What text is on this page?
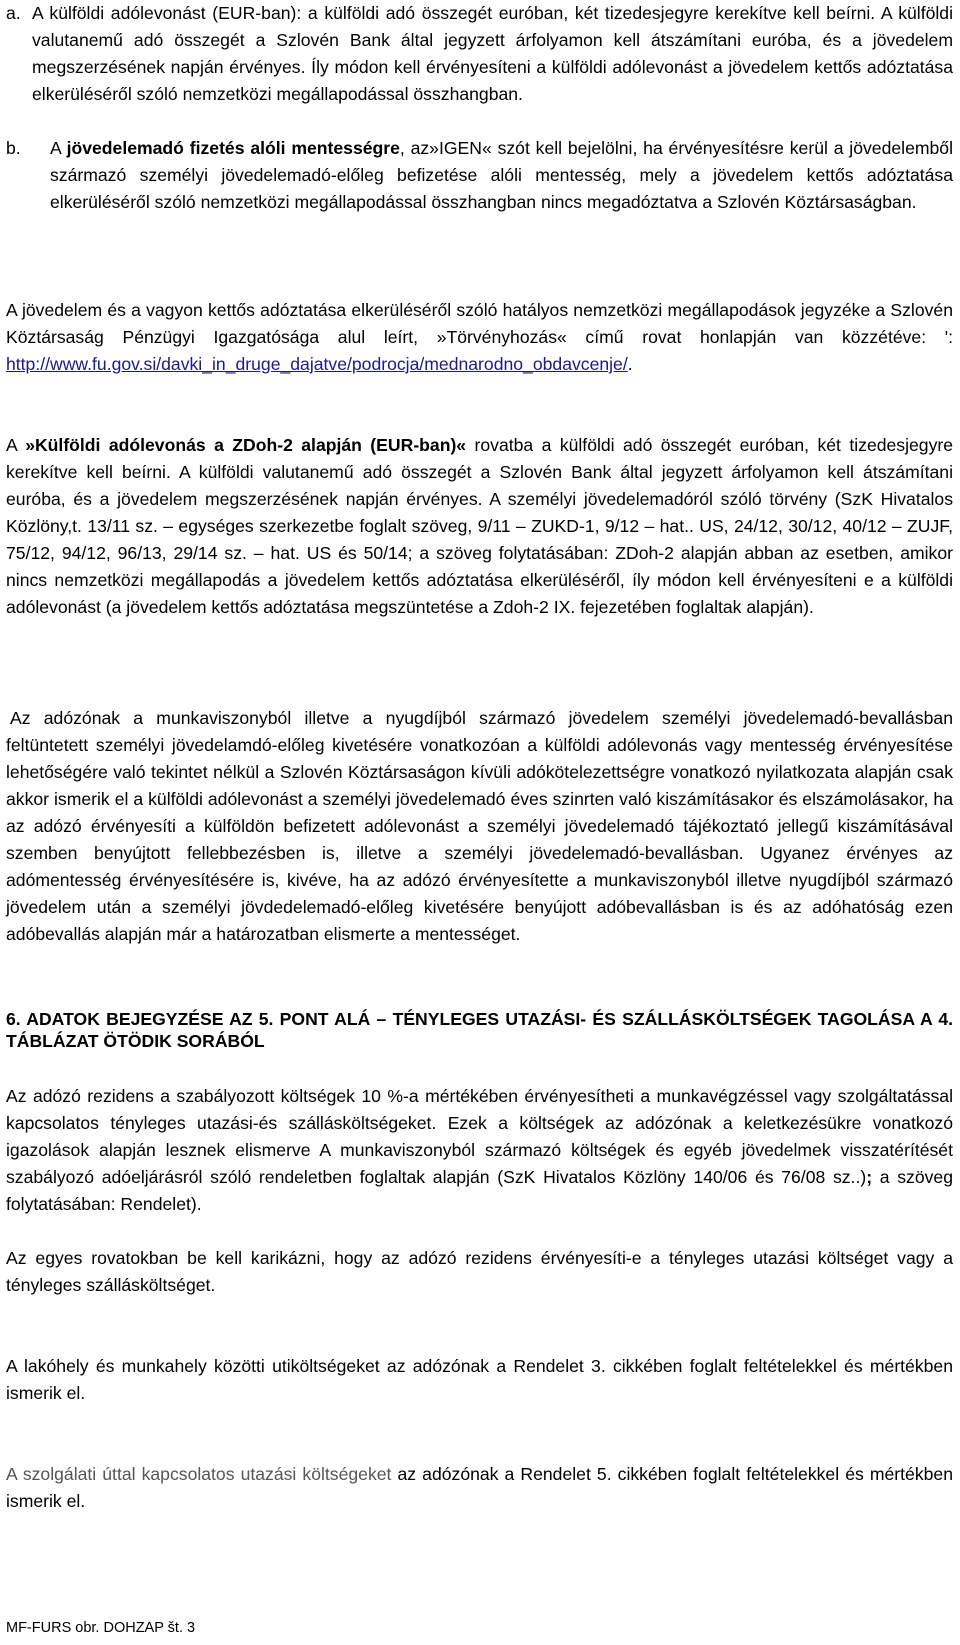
a. A külföldi adólevonást (EUR-ban): a külföldi adó összegét euróban, két tizedesjegyre kerekítve kell beírni. A külföldi valutanemű adó összegét a Szlovén Bank által jegyzett árfolyamon kell átszámítani euróba, és a jövedelem megszerzésének napján érvényes. Íly módon kell érvényesíteni a külföldi adólevonást a jövedelem kettős adóztatása elkerüléséről szóló nemzetközi megállapodással összhangban.
b.	A jövedelemadó fizetés alóli mentességre, az»IGEN« szót kell bejelölni, ha érvényesítésre kerül a jövedelemből származó személyi jövedelemadó-előleg befizetése alóli mentesség, mely a jövedelem kettős adóztatása elkerüléséről szóló nemzetközi megállapodással összhangban nincs megadóztatva a Szlovén Köztársaságban.

A jövedelem és a vagyon kettős adóztatása elkerüléséről szóló hatályos nemzetközi megállapodások jegyzéke a Szlovén Köztársaság Pénzügyi Igazgatósága alul leírt, »Törvényhozás« című rovat honlapján van közzétéve: ': http://www.fu.gov.si/davki_in_druge_dajatve/podrocja/mednarodno_obdavcenje/.

A »Külföldi adólevonás a ZDoh-2 alapján (EUR-ban)« rovatba a külföldi adó összegét euróban, két tizedesjegyre kerekítve kell beírni. A külföldi valutanemű adó összegét a Szlovén Bank által jegyzett árfolyamon kell átszámítani euróba, és a jövedelem megszerzésének napján érvényes. A személyi jövedelemadóról szóló törvény (SzK Hivatalos Közlöny,t. 13/11 sz. – egységes szerkezetbe foglalt szöveg, 9/11 – ZUKD-1, 9/12 – hat.. US, 24/12, 30/12, 40/12 – ZUJF, 75/12, 94/12, 96/13, 29/14 sz. – hat. US és 50/14; a szöveg folytatásában: ZDoh-2 alapján abban az esetben, amikor nincs nemzetközi megállapodás a jövedelem kettős adóztatása elkerüléséről, íly módon kell érvényesíteni e a külföldi adólevonást (a jövedelem kettős adóztatása megszüntetése a Zdoh-2 IX. fejezetében foglaltak alapján).

Az adózónak a munkaviszonyból illetve a nyugdíjból származó jövedelem személyi jövedelemadó-bevallásban feltüntetett személyi jövedelamdó-előleg kivetésére vonatkozóan a külföldi adólevonás vagy mentesség érvényesítése lehetőségére való tekintet nélkül a Szlovén Köztársaságon kívüli adókötelezettségre vonatkozó nyilatkozata alapján csak akkor ismerik el a külföldi adólevonást a személyi jövedelemadó éves szinrten való kiszámításakor és elszámolásakor, ha az adózó érvényesíti a külföldön befizetett adólevonást a személyi jövedelemadó tájékoztató jellegű kiszámításával szemben benyújtott fellebbezésben is, illetve a személyi jövedelemadó-bevallásban. Ugyanez érvényes az adómentesség érvényesítésére is, kivéve, ha az adózó érvényesítette a munkaviszonyból illetve nyugdíjból származó jövedelem után a személyi jövdedelemadó-előleg kivetésére benyújott adóbevallásban is és az adóhatóság ezen adóbevallás alapján már a határozatban elismerte a mentességet.

6. ADATOK BEJEGYZÉSE AZ 5. PONT ALÁ – TÉNYLEGES UTAZÁSI- ÉS SZÁLLÁSKÖLTSÉGEK TAGOLÁSA A 4. TÁBLÁZAT ÖTÖDIK SORÁBÓL

Az adózó rezidens a szabályozott költségek 10 %-a mértékében érvényesítheti a munkavégzéssel vagy szolgáltatással kapcsolatos tényleges utazási-és szállásköltségeket. Ezek a költségek az adózónak a keletkezésükre vonatkozó igazolások alapján lesznek elismerve A munkaviszonyból származó költségek és egyéb jövedelmek visszatérítését szabályozó adóeljárásról szóló rendeletben foglaltak alapján (SzK Hivatalos Közlöny 140/06 és 76/08 sz..); a szöveg folytatásában: Rendelet).

Az egyes rovatokban be kell karikázni, hogy az adózó rezidens érvényesíti-e a tényleges utazási költséget vagy a tényleges szállásköltséget.

A lakóhely és munkahely közötti utiköltségeket az adózónak a Rendelet 3. cikkében foglalt feltételekkel és mértékben ismerik el.

A szolgálati úttal kapcsolatos utazási költségeket az adózónak a Rendelet 5. cikkében foglalt feltételekkel és mértékben ismerik el.

MF-FURS obr. DOHZAP št. 3
